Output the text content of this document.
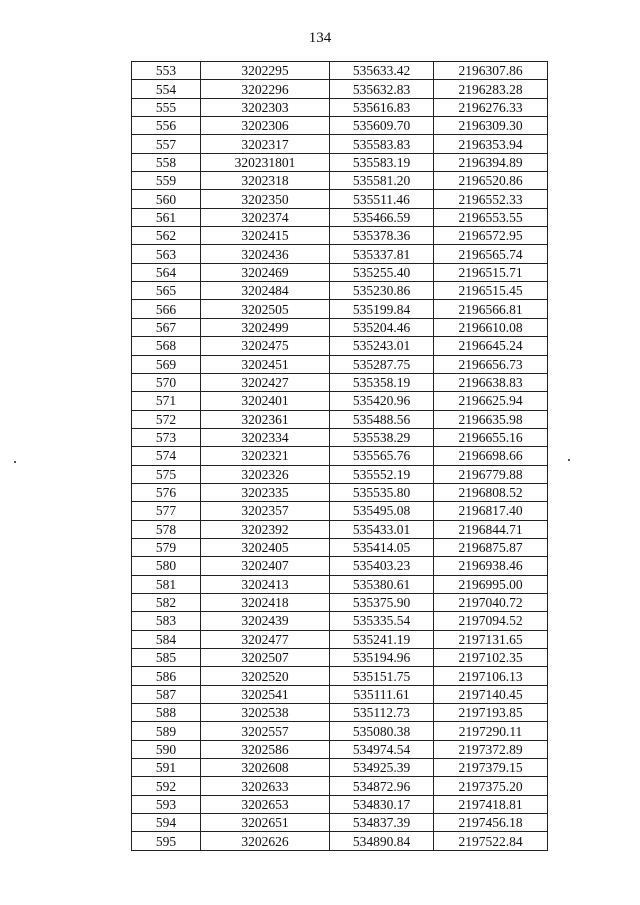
134
553	3202295	535633.42	2196307.86
554	3202296	535632.83	2196283.28
555	3202303	535616.83	2196276.33
556	3202306	535609.70	2196309.30
557	3202317	535583.83	2196353.94
558	320231801	535583.19	2196394.89
559	3202318	535581.20	2196520.86
560	3202350	535511.46	2196552.33
561	3202374	535466.59	2196553.55
562	3202415	535378.36	2196572.95
563	3202436	535337.81	2196565.74
564	3202469	535255.40	2196515.71
565	3202484	535230.86	2196515.45
566	3202505	535199.84	2196566.81
567	3202499	535204.46	2196610.08
568	3202475	535243.01	2196645.24
569	3202451	535287.75	2196656.73
570	3202427	535358.19	2196638.83
571	3202401	535420.96	2196625.94
572	3202361	535488.56	2196635.98
573	3202334	535538.29	2196655.16
574	3202321	535565.76	2196698.66
575	3202326	535552.19	2196779.88
576	3202335	535535.80	2196808.52
577	3202357	535495.08	2196817.40
578	3202392	535433.01	2196844.71
579	3202405	535414.05	2196875.87
580	3202407	535403.23	2196938.46
581	3202413	535380.61	2196995.00
582	3202418	535375.90	2197040.72
583	3202439	535335.54	2197094.52
584	3202477	535241.19	2197131.65
585	3202507	535194.96	2197102.35
586	3202520	535151.75	2197106.13
587	3202541	535111.61	2197140.45
588	3202538	535112.73	2197193.85
589	3202557	535080.38	2197290.11
590	3202586	534974.54	2197372.89
591	3202608	534925.39	2197379.15
592	3202633	534872.96	2197375.20
593	3202653	534830.17	2197418.81
594	3202651	534837.39	2197456.18
595	3202626	534890.84	2197522.84
